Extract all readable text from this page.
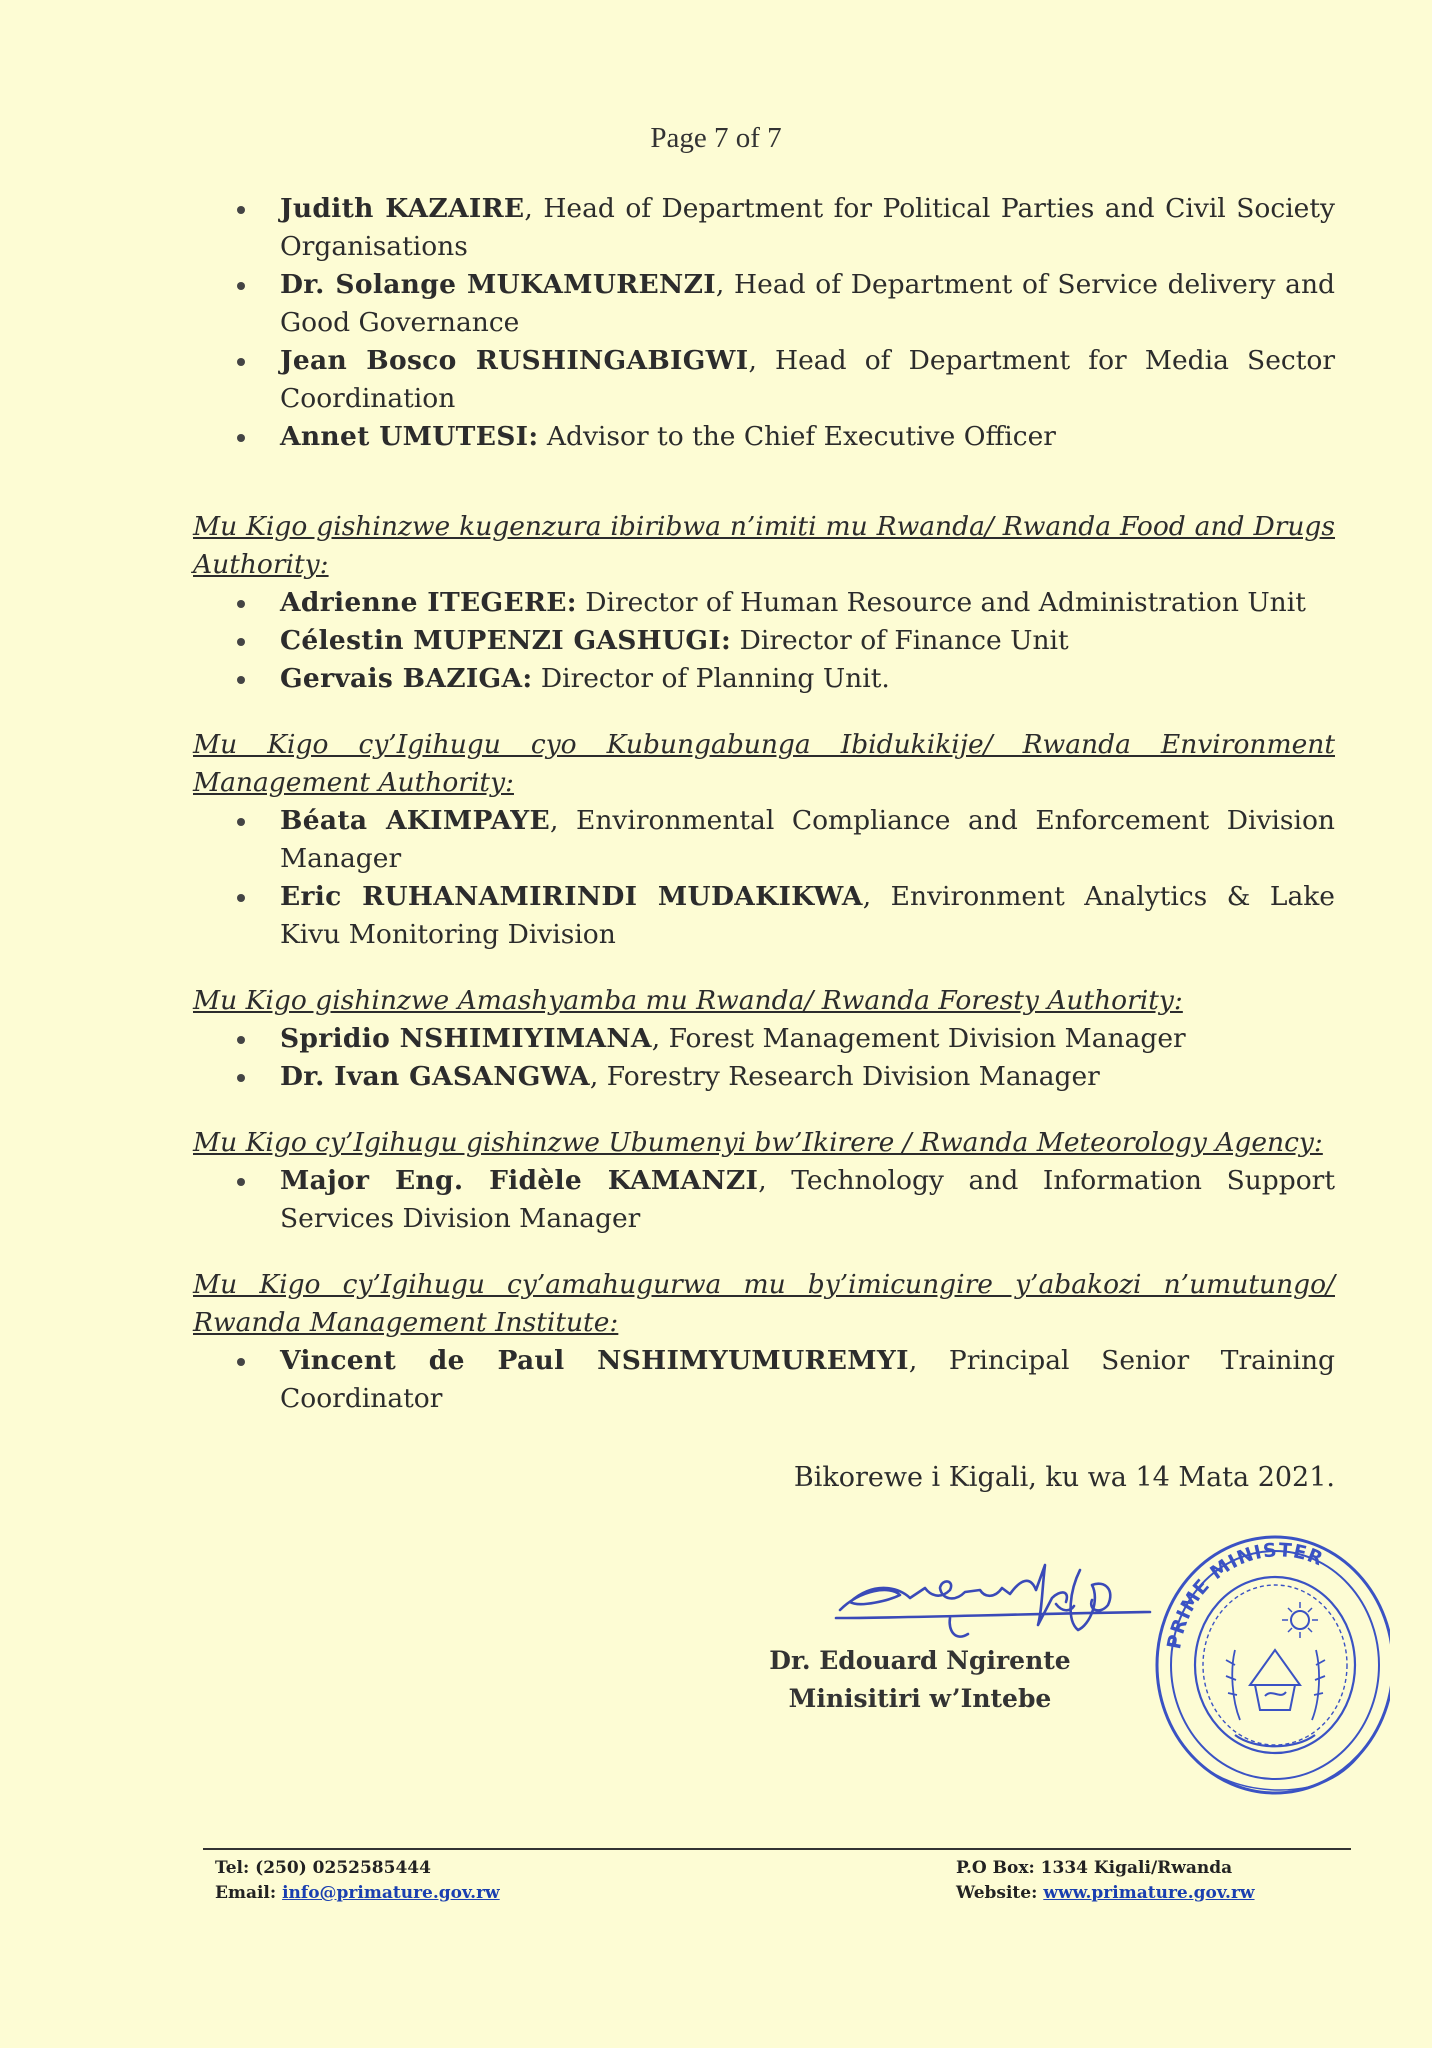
Page 7 of 7
Judith KAZAIRE, Head of Department for Political Parties and Civil Society Organisations
Dr. Solange MUKAMURENZI, Head of Department of Service delivery and Good Governance
Jean Bosco RUSHINGABIGWI, Head of Department for Media Sector Coordination
Annet UMUTESI: Advisor to the Chief Executive Officer
Mu Kigo gishinzwe kugenzura ibiribwa n’imiti mu Rwanda/ Rwanda Food and Drugs Authority:
Adrienne ITEGERE: Director of Human Resource and Administration Unit
Célestin MUPENZI GASHUGI: Director of Finance Unit
Gervais BAZIGA: Director of Planning Unit.
Mu Kigo cy’Igihugu cyo Kubungabunga Ibidukikije/ Rwanda Environment Management Authority:
Béata AKIMPAYE, Environmental Compliance and Enforcement Division Manager
Eric RUHANAMIRINDI MUDAKIKWA, Environment Analytics & Lake Kivu Monitoring Division
Mu Kigo gishinzwe Amashyamba mu Rwanda/ Rwanda Foresty Authority:
Spridio NSHIMIYIMANA, Forest Management Division Manager
Dr. Ivan GASANGWA, Forestry Research Division Manager
Mu Kigo cy’Igihugu gishinzwe Ubumenyi bw’Ikirere / Rwanda Meteorology Agency:
Major Eng. Fidèle KAMANZI, Technology and Information Support Services Division Manager
Mu Kigo cy’Igihugu cy’amahugurwa mu by’imicungire y’abakozi n’umutungo/ Rwanda Management Institute:
Vincent de Paul NSHIMYUMUREMYI, Principal Senior Training Coordinator
Bikorewe i Kigali, ku wa 14 Mata 2021.
PRIME MINISTER
Dr. Edouard Ngirente
Minisitiri w’Intebe
Tel: (250) 0252585444
Email: info@primature.gov.rw
P.O Box: 1334 Kigali/Rwanda
Website: www.primature.gov.rw
